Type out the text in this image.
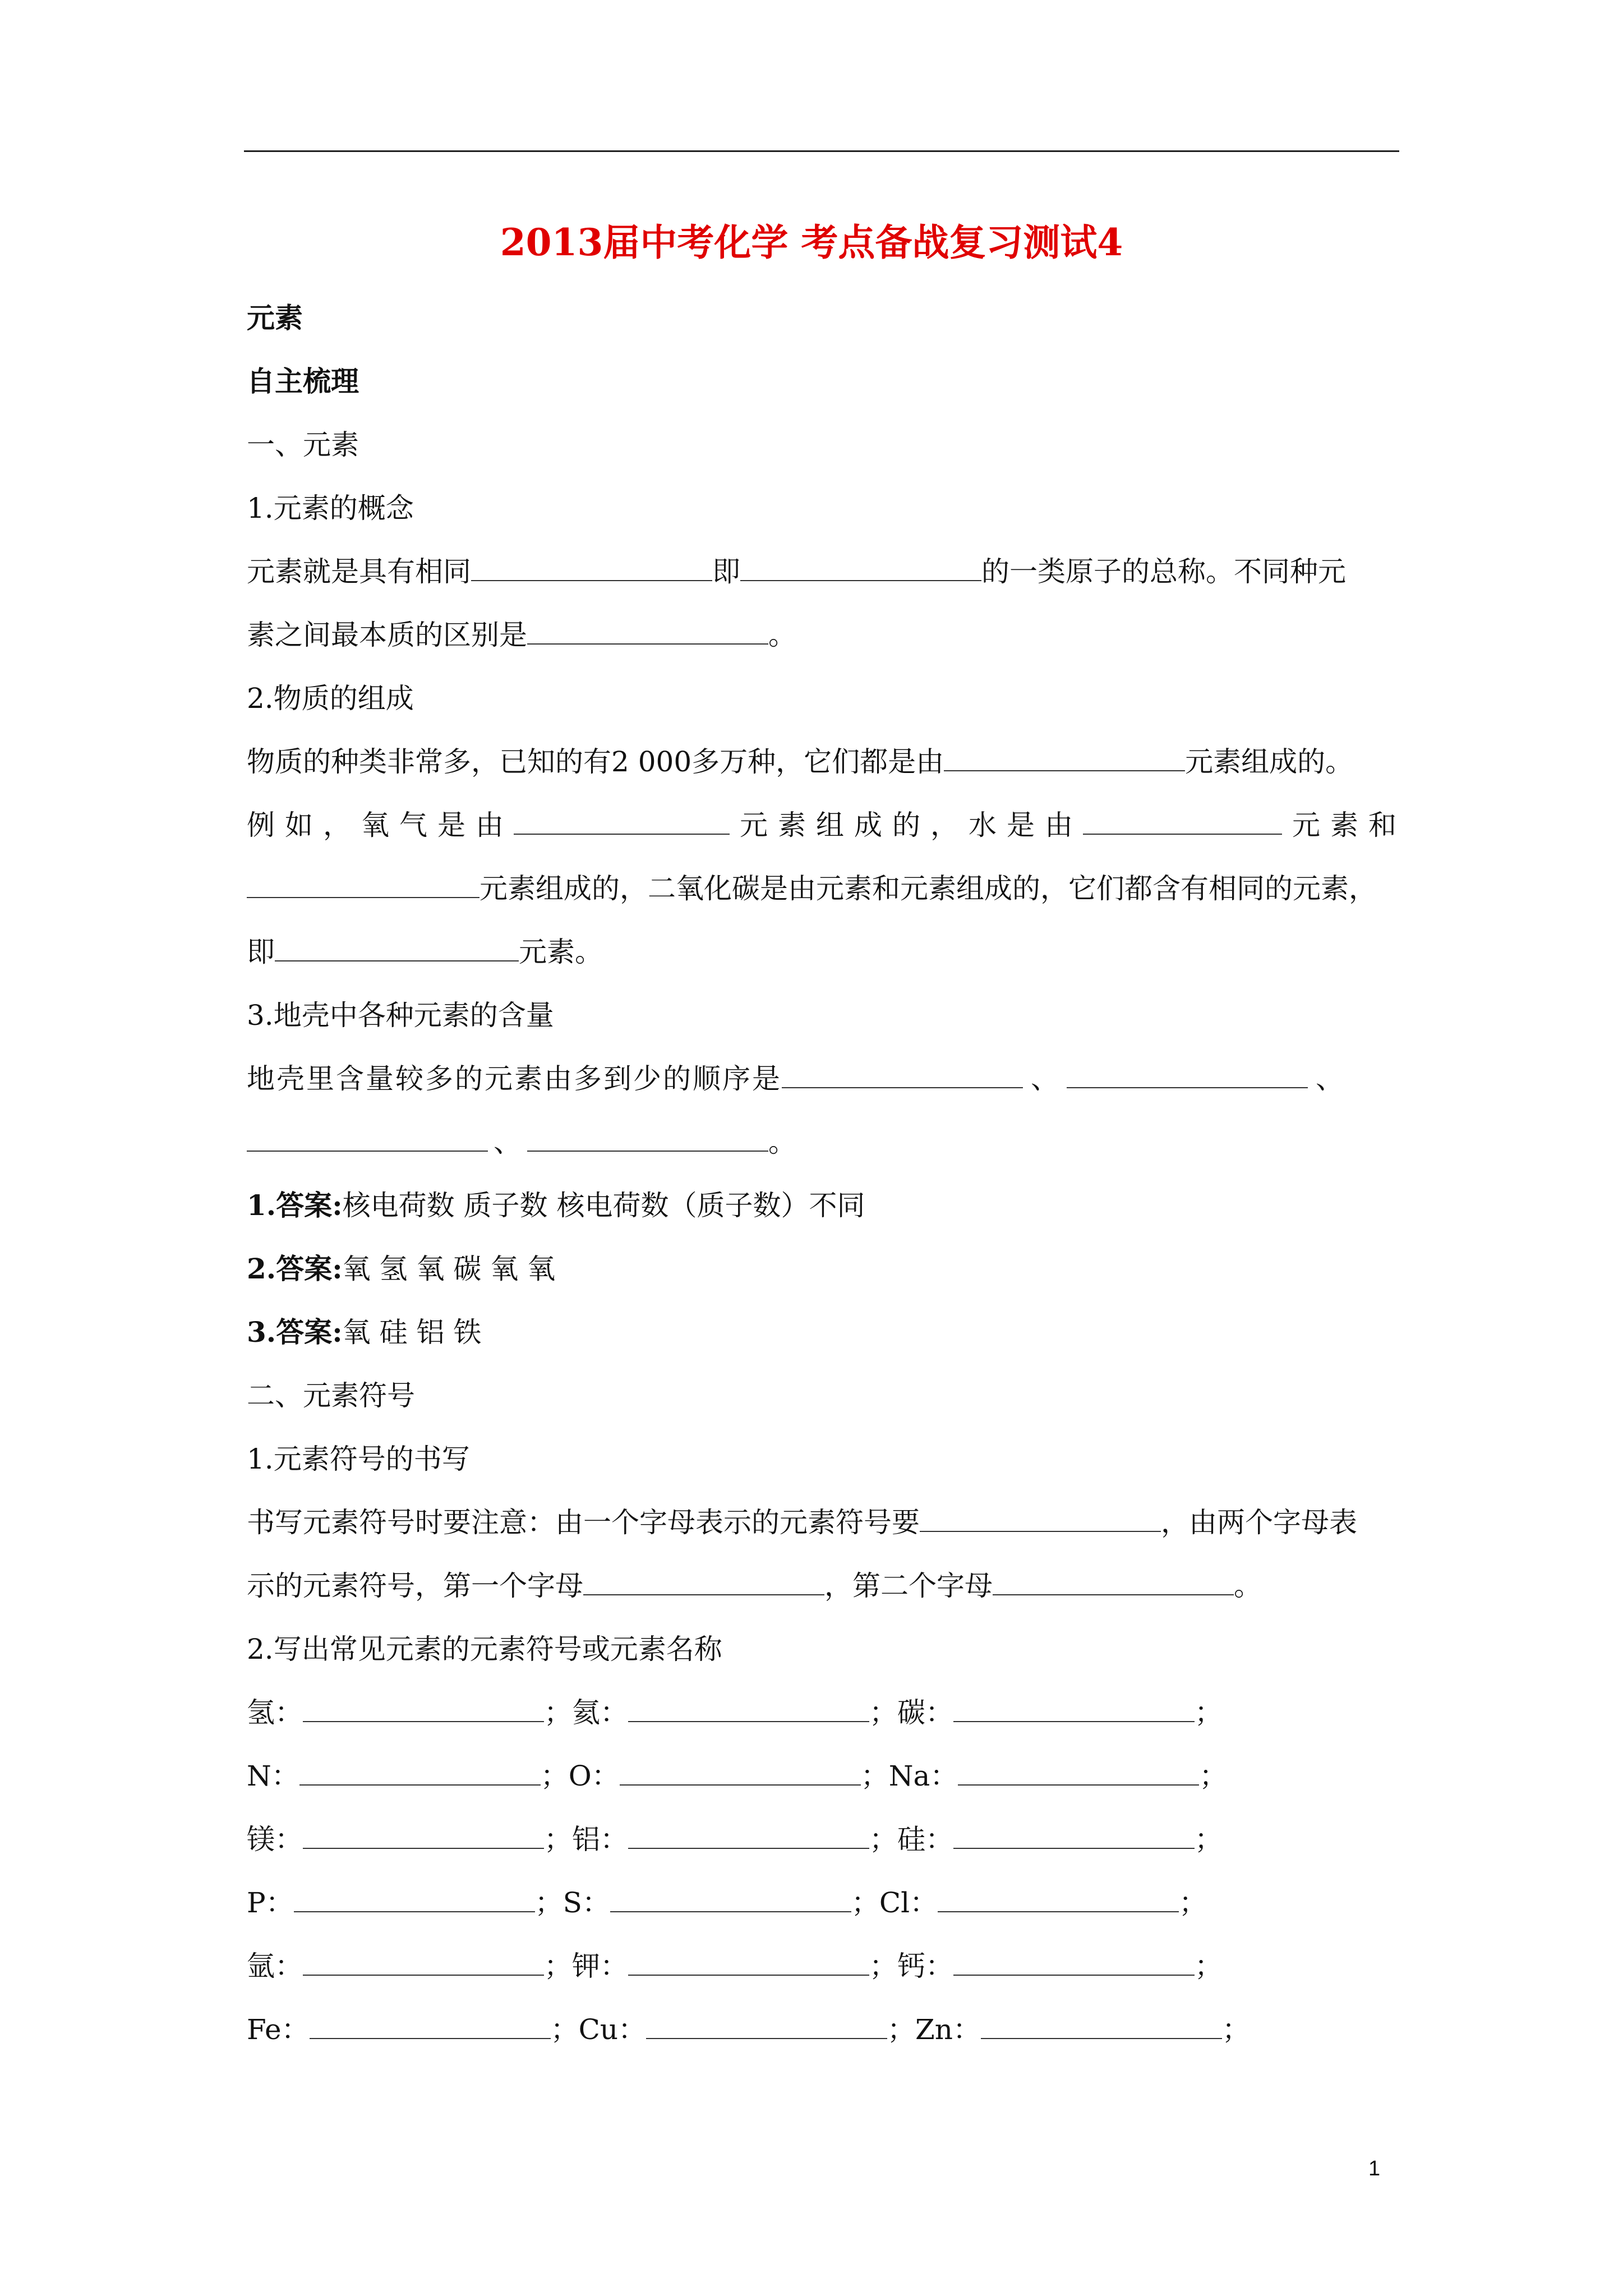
2013届中考化学 考点备战复习测试4
元素
自主梳理
一、元素
1.元素的概念
元素就是具有相同	即	的一类原子的总称。不同种元
素之间最本质的区别是	。
2.物质的组成
物质的种类非常多，已知的有2 000多万种，它们都是由	元素组成的。
例如，氧气是由	元素组成的，水是由	元素和
元素组成的，二氧化碳是由元素和元素组成的，它们都含有相同的元素，
即	元素。
3.地壳中各种元素的含量
地壳里含量较多的元素由多到少的顺序是	、	、
、	。
1.答案:核电荷数 质子数 核电荷数（质子数）不同
2.答案:氧 氢 氧 碳 氧 氧
3.答案:氧 硅 铝 铁
二、元素符号
1.元素符号的书写
书写元素符号时要注意：由一个字母表示的元素符号要	，由两个字母表
示的元素符号，第一个字母	，第二个字母	。
2.写出常见元素的元素符号或元素名称
氢：	；氦：	；碳：	；
N：	；O：	；Na：	；
镁：	；铝：	；硅：	；
P：	；S：	；Cl：	；
氩：	；钾：	；钙：	；
Fe：	；Cu：	；Zn：	；
1
